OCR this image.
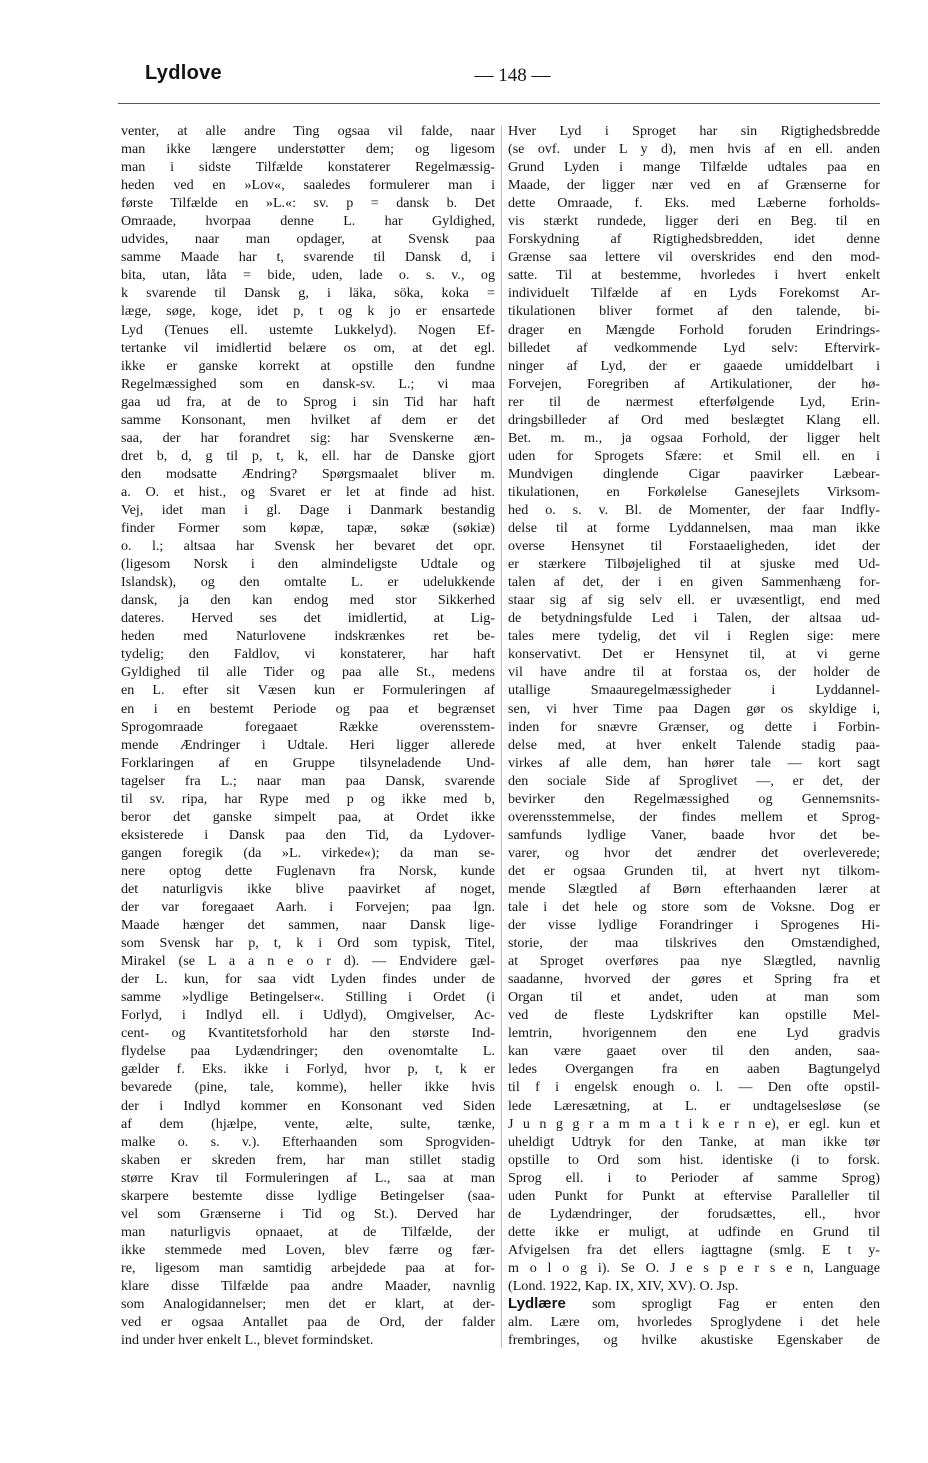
Lydlove	— 148 —
venter, at alle andre Ting ogsaa vil falde, naar
man ikke længere understøtter dem; og ligesom
man i sidste Tilfælde konstaterer Regelmæssig-
heden ved en »Lov«, saaledes formulerer man i
første Tilfælde en »L.«: sv. p = dansk b. Det
Omraade, hvorpaa denne L. har Gyldighed,
udvides, naar man opdager, at Svensk paa
samme Maade har t, svarende til Dansk d, i
bita, utan, låta = bide, uden, lade o. s. v., og
k svarende til Dansk g, i läka, söka, koka =
læge, søge, koge, idet p, t og k jo er ensartede
Lyd (Tenues ell. ustemte Lukkelyd). Nogen Ef-
tertanke vil imidlertid belære os om, at det egl.
ikke er ganske korrekt at opstille den fundne
Regelmæssighed som en dansk-sv. L.; vi maa
gaa ud fra, at de to Sprog i sin Tid har haft
samme Konsonant, men hvilket af dem er det
saa, der har forandret sig: har Svenskerne æn-
dret b, d, g til p, t, k, ell. har de Danske gjort
den modsatte Ændring? Spørgsmaalet bliver m.
a. O. et hist., og Svaret er let at finde ad hist.
Vej, idet man i gl. Dage i Danmark bestandig
finder Former som køpæ, tapæ, søkæ (søkiæ)
o. l.; altsaa har Svensk her bevaret det opr.
(ligesom Norsk i den almindeligste Udtale og
Islandsk), og den omtalte L. er udelukkende
dansk, ja den kan endog med stor Sikkerhed
dateres. Herved ses det imidlertid, at Lig-
heden med Naturlovene indskrænkes ret be-
tydelig; den Faldlov, vi konstaterer, har haft
Gyldighed til alle Tider og paa alle St., medens
en L. efter sit Væsen kun er Formuleringen af
en i en bestemt Periode og paa et begrænset
Sprogomraade foregaaet Række overensstem-
mende Ændringer i Udtale. Heri ligger allerede
Forklaringen af en Gruppe tilsyneladende Und-
tagelser fra L.; naar man paa Dansk, svarende
til sv. ripa, har Rype med p og ikke med b,
beror det ganske simpelt paa, at Ordet ikke
eksisterede i Dansk paa den Tid, da Lydover-
gangen foregik (da »L. virkede«); da man se-
nere optog dette Fuglenavn fra Norsk, kunde
det naturligvis ikke blive paavirket af noget,
der var foregaaet Aarh. i Forvejen; paa lgn.
Maade hænger det sammen, naar Dansk lige-
som Svensk har p, t, k i Ord som typisk, Titel,
Mirakel (se L a a n e o r d). — Endvidere gæl-
der L. kun, for saa vidt Lyden findes under de
samme »lydlige Betingelser«. Stilling i Ordet (i
Forlyd, i Indlyd ell. i Udlyd), Omgivelser, Ac-
cent- og Kvantitetsforhold har den største Ind-
flydelse paa Lydændringer; den ovenomtalte L.
gælder f. Eks. ikke i Forlyd, hvor p, t, k er
bevarede (pine, tale, komme), heller ikke hvis
der i Indlyd kommer en Konsonant ved Siden
af dem (hjælpe, vente, ælte, sulte, tænke,
malke o. s. v.). Efterhaanden som Sprogviden-
skaben er skreden frem, har man stillet stadig
større Krav til Formuleringen af L., saa at man
skarpere bestemte disse lydlige Betingelser (saa-
vel som Grænserne i Tid og St.). Derved har
man naturligvis opnaaet, at de Tilfælde, der
ikke stemmede med Loven, blev færre og fær-
re, ligesom man samtidig arbejdede paa at for-
klare disse Tilfælde paa andre Maader, navnlig
som Analogidannelser; men det er klart, at der-
ved er ogsaa Antallet paa de Ord, der falder
ind under hver enkelt L., blevet formindsket.
Hver Lyd i Sproget har sin Rigtighedsbredde
(se ovf. under L y d), men hvis af en ell. anden
Grund Lyden i mange Tilfælde udtales paa en
Maade, der ligger nær ved en af Grænserne for
dette Omraade, f. Eks. med Læberne forholds-
vis stærkt rundede, ligger deri en Beg. til en
Forskydning af Rigtighedsbredden, idet denne
Grænse saa lettere vil overskrides end den mod-
satte. Til at bestemme, hvorledes i hvert enkelt
individuelt Tilfælde af en Lyds Forekomst Ar-
tikulationen bliver formet af den talende, bi-
drager en Mængde Forhold foruden Erindrings-
billedet af vedkommende Lyd selv: Eftervirk-
ninger af Lyd, der er gaaede umiddelbart i
Forvejen, Foregriben af Artikulationer, der hø-
rer til de nærmest efterfølgende Lyd, Erin-
dringsbilleder af Ord med beslægtet Klang ell.
Bet. m. m., ja ogsaa Forhold, der ligger helt
uden for Sprogets Sfære: et Smil ell. en i
Mundvigen dinglende Cigar paavirker Læbear-
tikulationen, en Forkølelse Ganesejlets Virksom-
hed o. s. v. Bl. de Momenter, der faar Indfly-
delse til at forme Lyddannelsen, maa man ikke
overse Hensynet til Forstaaeligheden, idet der
er stærkere Tilbøjelighed til at sjuske med Ud-
talen af det, der i en given Sammenhæng for-
staar sig af sig selv ell. er uvæsentligt, end med
de betydningsfulde Led i Talen, der altsaa ud-
tales mere tydelig, det vil i Reglen sige: mere
konservativt. Det er Hensynet til, at vi gerne
vil have andre til at forstaa os, der holder de
utallige Smaauregelmæssigheder i Lyddannel-
sen, vi hver Time paa Dagen gør os skyldige i,
inden for snævre Grænser, og dette i Forbin-
delse med, at hver enkelt Talende stadig paa-
virkes af alle dem, han hører tale — kort sagt
den sociale Side af Sproglivet —, er det, der
bevirker den Regelmæssighed og Gennemsnits-
overensstemmelse, der findes mellem et Sprog-
samfunds lydlige Vaner, baade hvor det be-
varer, og hvor det ændrer det overleverede;
det er ogsaa Grunden til, at hvert nyt tilkom-
mende Slægtled af Børn efterhaanden lærer at
tale i det hele og store som de Voksne. Dog er
der visse lydlige Forandringer i Sprogenes Hi-
storie, der maa tilskrives den Omstændighed,
at Sproget overføres paa nye Slægtled, navnlig
saadanne, hvorved der gøres et Spring fra et
Organ til et andet, uden at man som
ved de fleste Lydskrifter kan opstille Mel-
lemtrin, hvorigennem den ene Lyd gradvis
kan være gaaet over til den anden, saa-
ledes Overgangen fra en aaben Bagtungelyd
til f i engelsk enough o. l. — Den ofte opstil-
lede Læresætning, at L. er undtagelsesløse (se
J u n g g r a m m a t i k e r n e), er egl. kun et
uheldigt Udtryk for den Tanke, at man ikke tør
opstille to Ord som hist. identiske (i to forsk.
Sprog ell. i to Perioder af samme Sprog)
uden Punkt for Punkt at eftervise Paralleller til
de Lydændringer, der forudsættes, ell., hvor
dette ikke er muligt, at udfinde en Grund til
Afvigelsen fra det ellers iagttagne (smlg. E t y-
m o l o g i). Se O. J e s p e r s e n, Language
(Lond. 1922, Kap. IX, XIV, XV). O. Jsp.
Lydlære som sprogligt Fag er enten den
alm. Lære om, hvorledes Sproglydene i det hele
frembringes, og hvilke akustiske Egenskaber de
